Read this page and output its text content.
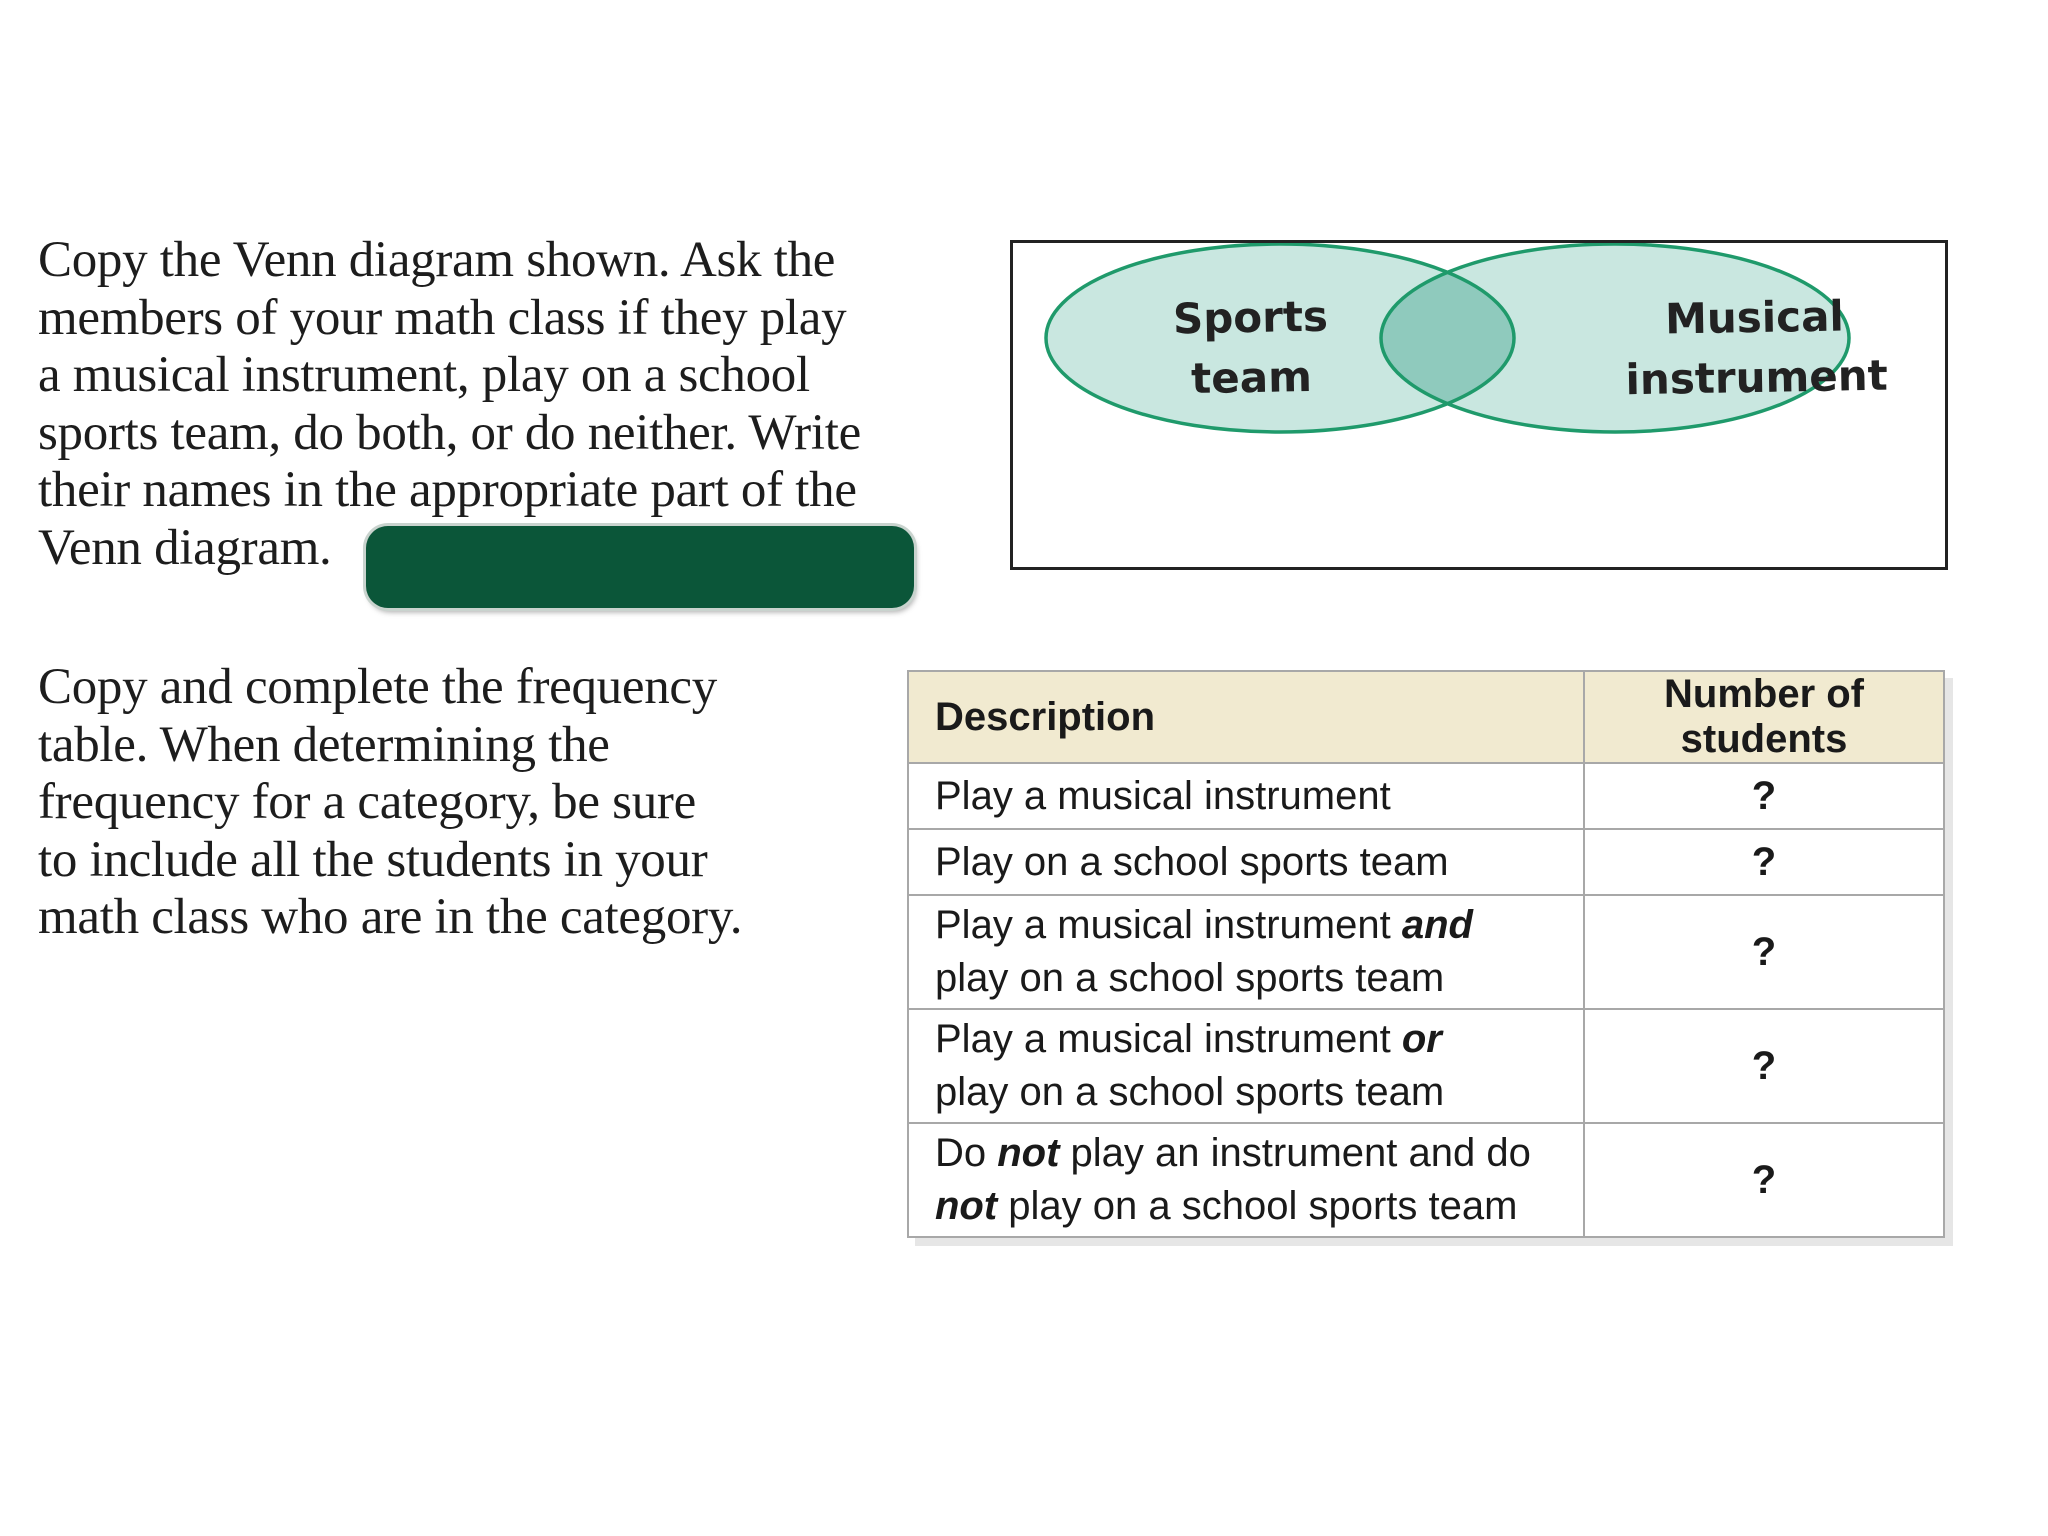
Copy the Venn diagram shown. Ask the
members of your math class if they play
a musical instrument, play on a school
sports team, do both, or do neither. Write
their names in the appropriate part of the
Venn diagram.

Sports
team
Musical
instrument

Copy and complete the frequency
table. When determining the
frequency for a category, be sure
to include all the students in your
math class who are in the category.

Description	Number of students
Play a musical instrument	?
Play on a school sports team	?
Play a musical instrument and
play on a school sports team	?
Play a musical instrument or
play on a school sports team	?
Do not play an instrument and do
not play on a school sports team	?
